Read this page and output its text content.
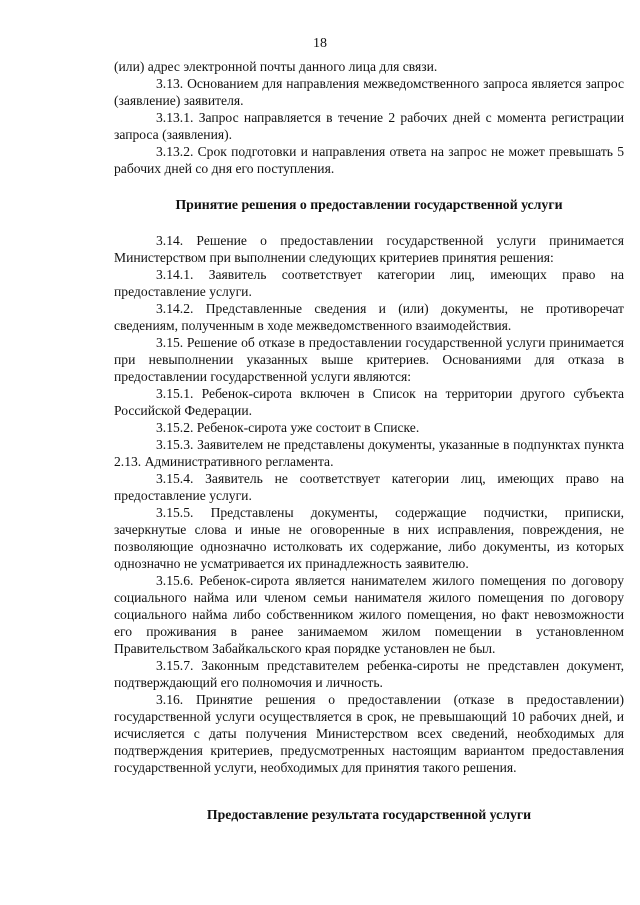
18

(или) адрес электронной почты данного лица для связи.

3.13. Основанием для направления межведомственного запроса является запрос (заявление) заявителя.

3.13.1. Запрос направляется в течение 2 рабочих дней с момента регистрации запроса (заявления).

3.13.2. Срок подготовки и направления ответа на запрос не может превышать 5 рабочих дней со дня его поступления.

Принятие решения о предоставлении государственной услуги

3.14. Решение о предоставлении государственной услуги принимается Министерством при выполнении следующих критериев принятия решения:

3.14.1. Заявитель соответствует категории лиц, имеющих право на предоставление услуги.

3.14.2. Представленные сведения и (или) документы, не противоречат сведениям, полученным в ходе межведомственного взаимодействия.

3.15. Решение об отказе в предоставлении государственной услуги принимается при невыполнении указанных выше критериев. Основаниями для отказа в предоставлении государственной услуги являются:

3.15.1. Ребенок-сирота включен в Список на территории другого субъекта Российской Федерации.

3.15.2. Ребенок-сирота уже состоит в Списке.

3.15.3. Заявителем не представлены документы, указанные в подпунктах пункта 2.13. Административного регламента.

3.15.4. Заявитель не соответствует категории лиц, имеющих право на предоставление услуги.

3.15.5. Представлены документы, содержащие подчистки, приписки, зачеркнутые слова и иные не оговоренные в них исправления, повреждения, не позволяющие однозначно истолковать их содержание, либо документы, из которых однозначно не усматривается их принадлежность заявителю.

3.15.6. Ребенок-сирота является нанимателем жилого помещения по договору социального найма или членом семьи нанимателя жилого помещения по договору социального найма либо собственником жилого помещения, но факт невозможности его проживания в ранее занимаемом жилом помещении в установленном Правительством Забайкальского края порядке установлен не был.

3.15.7. Законным представителем ребенка-сироты не представлен документ, подтверждающий его полномочия и личность.

3.16. Принятие решения о предоставлении (отказе в предоставлении) государственной услуги осуществляется в срок, не превышающий 10 рабочих дней, и исчисляется с даты получения Министерством всех сведений, необходимых для подтверждения критериев, предусмотренных настоящим вариантом предоставления государственной услуги, необходимых для принятия такого решения.

Предоставление результата государственной услуги
